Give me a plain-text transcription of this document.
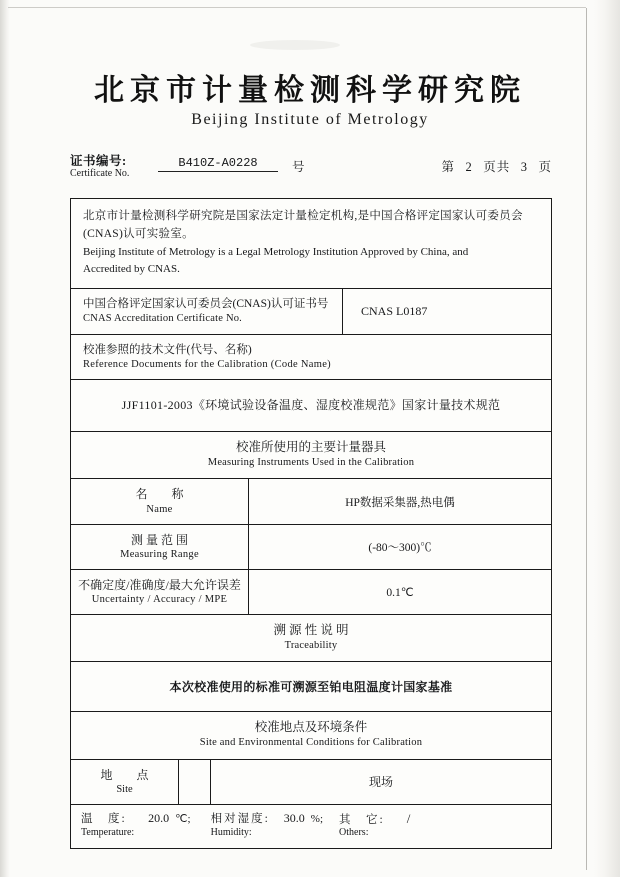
北京市计量检测科学研究院
Beijing Institute of Metrology
证书编号:
Certificate No.
B410Z-A0228	号	第 2 页共 3 页
北京市计量检测科学研究院是国家法定计量检定机构,是中国合格评定国家认可委员会
(CNAS)认可实验室。
Beijing Institute of Metrology is a Legal Metrology Institution Approved by China, and
Accredited by CNAS.
中国合格评定国家认可委员会(CNAS)认可证书号
CNAS Accreditation Certificate No.
CNAS L0187
校准参照的技术文件(代号、名称)
Reference Documents for the Calibration (Code Name)
JJF1101-2003《环境试验设备温度、湿度校准规范》国家计量技术规范
校准所使用的主要计量器具
Measuring Instruments Used in the Calibration
名　　称
Name
HP数据采集器,热电偶
测 量 范 围
Measuring Range
(-80～300)℃
不确定度/准确度/最大允许误差
Uncertainty / Accuracy / MPE
0.1℃
溯 源 性 说 明
Traceability
本次校准使用的标准可溯源至铂电阻温度计国家基准
校准地点及环境条件
Site and Environmental Conditions for Calibration
地　　点
Site
现场
温　度:
Temperature:
20.0 ℃; 相对湿度:
Humidity:
30.0 %; 其　它:
Others:
/
